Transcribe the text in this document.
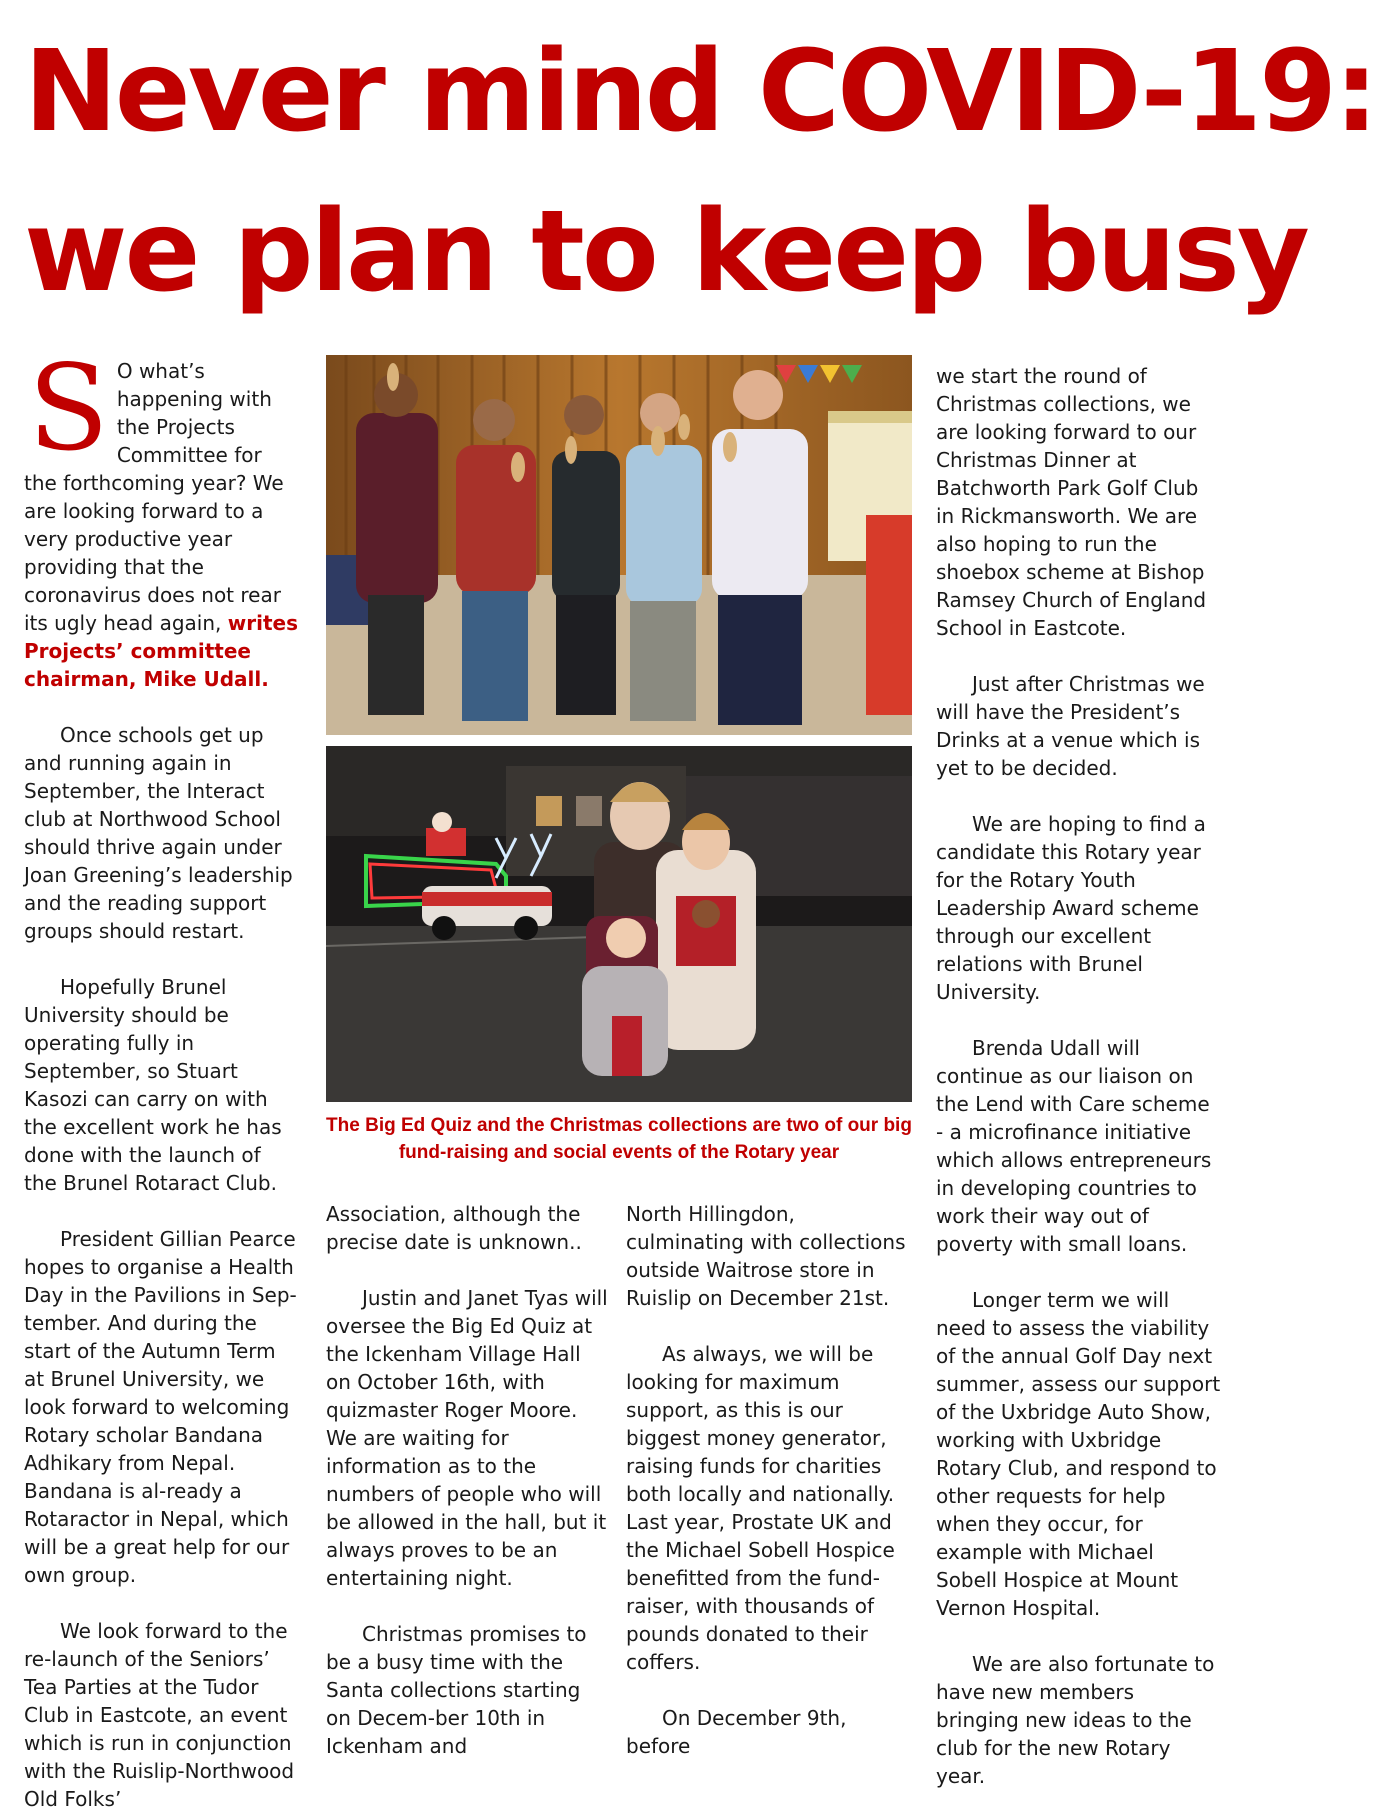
Never mind COVID-19:
we plan to keep busy

S O what’s happening with the Projects Committee for the forthcoming year? We are looking forward to a very productive year providing that the coronavirus does not rear its ugly head again, writes Projects’ committee chairman, Mike Udall.

Once schools get up and running again in September, the Interact club at Northwood School should thrive again under Joan Greening’s leadership and the reading support groups should restart.

Hopefully Brunel University should be operating fully in September, so Stuart Kasozi can carry on with the excellent work he has done with the launch of the Brunel Rotaract Club.

President Gillian Pearce hopes to organise a Health Day in the Pavilions in Sep-tember. And during the start of the Autumn Term at Brunel University, we look forward to welcoming Rotary scholar Bandana Adhikary from Nepal. Bandana is al-ready a Rotaractor in Nepal, which will be a great help for our own group.

We look forward to the re-launch of the Seniors’ Tea Parties at the Tudor Club in Eastcote, an event which is run in conjunction with the Ruislip-Northwood Old Folks’

The Big Ed Quiz and the Christmas collections are two of our big fund-raising and social events of the Rotary year

Association, although the precise date is unknown..

Justin and Janet Tyas will oversee the Big Ed Quiz at the Ickenham Village Hall on October 16th, with quizmaster Roger Moore. We are waiting for information as to the numbers of people who will be allowed in the hall, but it always proves to be an entertaining night.

Christmas promises to be a busy time with the Santa collections starting on Decem-ber 10th in Ickenham and

North Hillingdon, culminating with collections outside Waitrose store in Ruislip on December 21st.

As always, we will be looking for maximum support, as this is our biggest money generator, raising funds for charities both locally and nationally. Last year, Prostate UK and the Michael Sobell Hospice benefitted from the fund-raiser, with thousands of pounds donated to their coffers.

On December 9th, before

we start the round of Christmas collections, we are looking forward to our Christmas Dinner at Batchworth Park Golf Club in Rickmansworth. We are also hoping to run the shoebox scheme at Bishop Ramsey Church of England School in Eastcote.

Just after Christmas we will have the President’s Drinks at a venue which is yet to be decided.

We are hoping to find a candidate this Rotary year for the Rotary Youth Leadership Award scheme through our excellent relations with Brunel University.

Brenda Udall will continue as our liaison on the Lend with Care scheme - a microfinance initiative which allows entrepreneurs in developing countries to work their way out of poverty with small loans.

Longer term we will need to assess the viability of the annual Golf Day next summer, assess our support of the Uxbridge Auto Show, working with Uxbridge Rotary Club, and respond to other requests for help when they occur, for example with Michael Sobell Hospice at Mount Vernon Hospital.

We are also fortunate to have new members bringing new ideas to the club for the new Rotary year.
